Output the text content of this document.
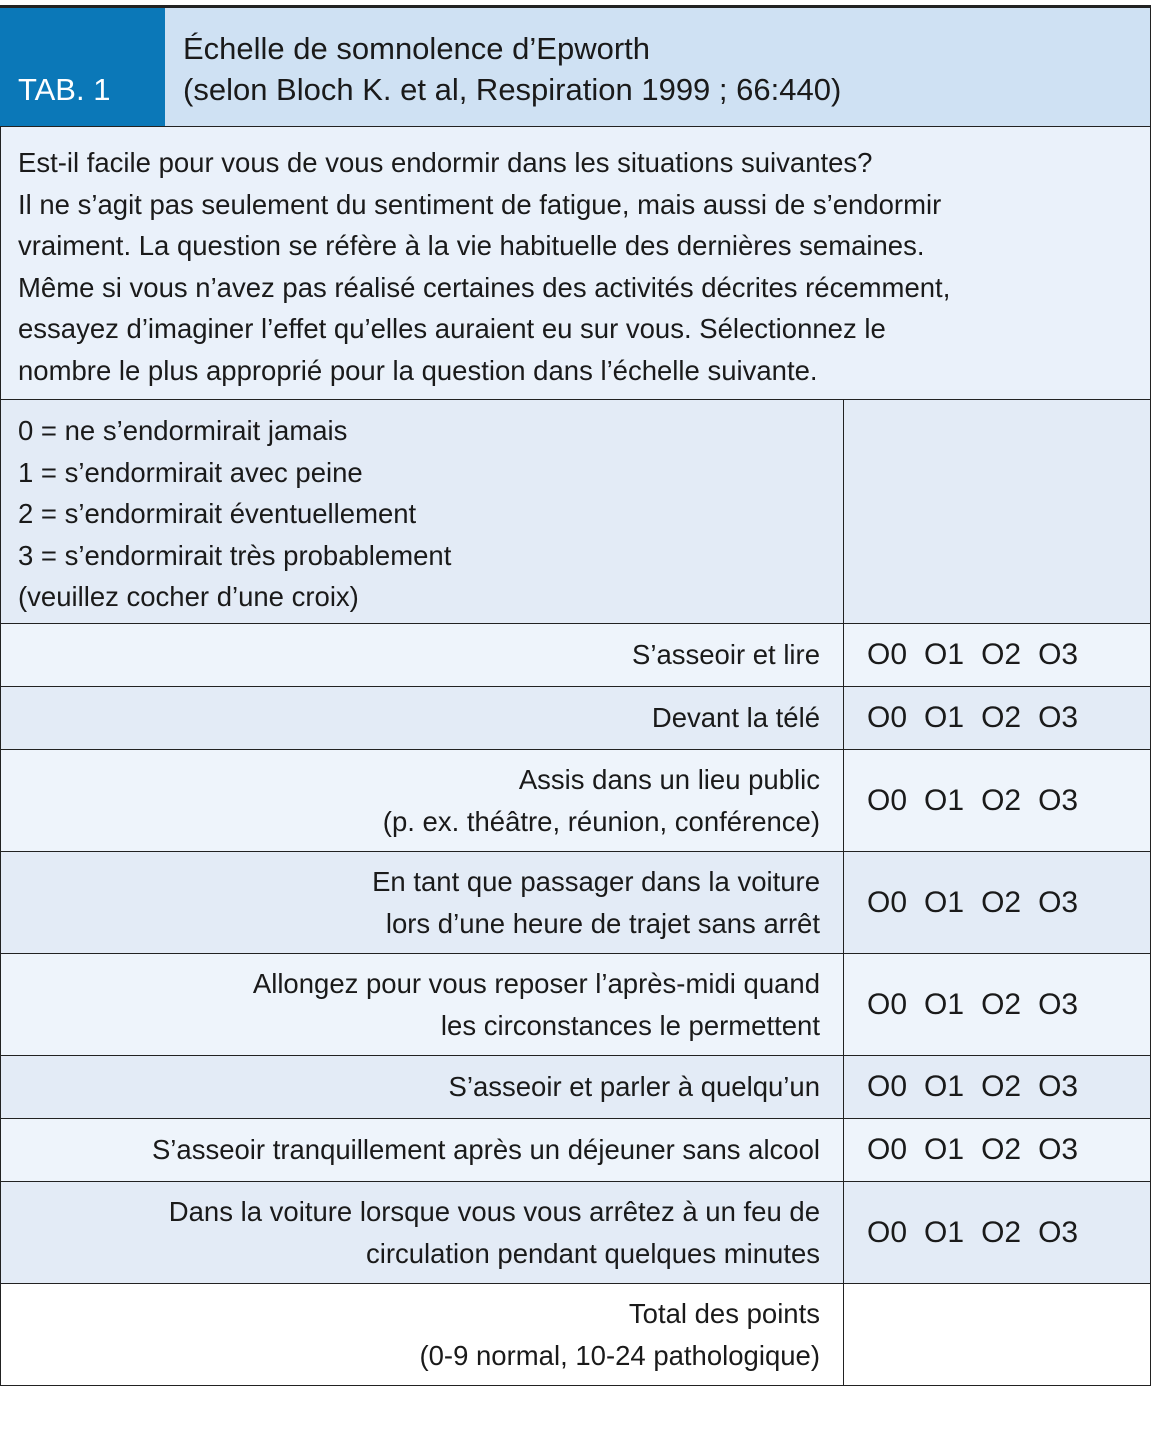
TAB. 1
Échelle de somnolence d’Epworth
(selon Bloch K. et al, Respiration 1999 ; 66:440)
Est-il facile pour vous de vous endormir dans les situations suivantes?
Il ne s’agit pas seulement du sentiment de fatigue, mais aussi de s’endormir
vraiment. La question se réfère à la vie habituelle des dernières semaines.
Même si vous n’avez pas réalisé certaines des activités décrites récemment,
essayez d’imaginer l’effet qu’elles auraient eu sur vous. Sélectionnez le
nombre le plus approprié pour la question dans l’échelle suivante.
0 = ne s’endormirait jamais
1 = s’endormirait avec peine
2 = s’endormirait éventuellement
3 = s’endormirait très probablement
(veuillez cocher d’une croix)
S’asseoir et lire O0 O1 O2 O3
Devant la télé O0 O1 O2 O3
Assis dans un lieu public
(p. ex. théâtre, réunion, conférence)
O0 O1 O2 O3
En tant que passager dans la voiture
lors d’une heure de trajet sans arrêt
O0 O1 O2 O3
Allongez pour vous reposer l’après-midi quand
les circonstances le permettent
O0 O1 O2 O3
S’asseoir et parler à quelqu’un O0 O1 O2 O3
S’asseoir tranquillement après un déjeuner sans alcool O0 O1 O2 O3
Dans la voiture lorsque vous vous arrêtez à un feu de
circulation pendant quelques minutes
O0 O1 O2 O3
Total des points
(0-9 normal, 10-24 pathologique)
